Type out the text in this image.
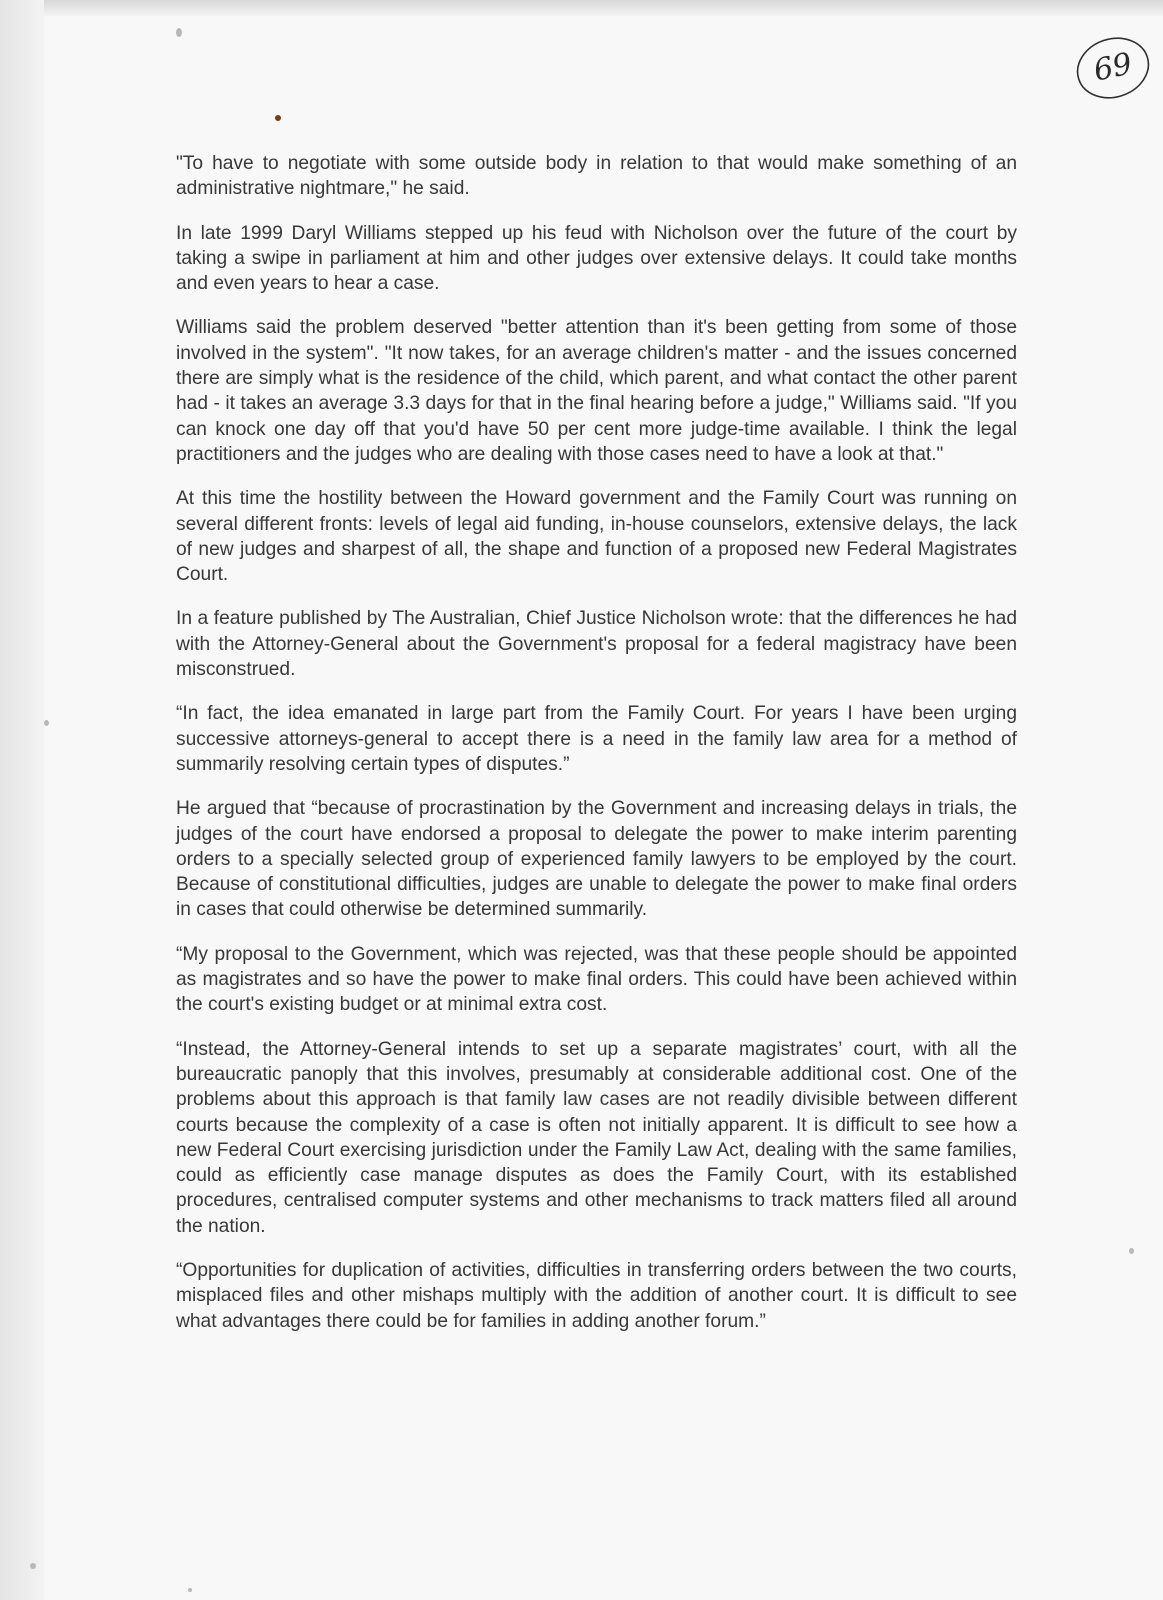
69

"To have to negotiate with some outside body in relation to that would make something of an administrative nightmare," he said.

In late 1999 Daryl Williams stepped up his feud with Nicholson over the future of the court by taking a swipe in parliament at him and other judges over extensive delays. It could take months and even years to hear a case.

Williams said the problem deserved "better attention than it's been getting from some of those involved in the system". "It now takes, for an average children's matter - and the issues concerned there are simply what is the residence of the child, which parent, and what contact the other parent had - it takes an average 3.3 days for that in the final hearing before a judge," Williams said. "If you can knock one day off that you'd have 50 per cent more judge-time available. I think the legal practitioners and the judges who are dealing with those cases need to have a look at that."

At this time the hostility between the Howard government and the Family Court was running on several different fronts: levels of legal aid funding, in-house counselors, extensive delays, the lack of new judges and sharpest of all, the shape and function of a proposed new Federal Magistrates Court.

In a feature published by The Australian, Chief Justice Nicholson wrote: that the differences he had with the Attorney-General about the Government's proposal for a federal magistracy have been misconstrued.

“In fact, the idea emanated in large part from the Family Court. For years I have been urging successive attorneys-general to accept there is a need in the family law area for a method of summarily resolving certain types of disputes.”

He argued that “because of procrastination by the Government and increasing delays in trials, the judges of the court have endorsed a proposal to delegate the power to make interim parenting orders to a specially selected group of experienced family lawyers to be employed by the court. Because of constitutional difficulties, judges are unable to delegate the power to make final orders in cases that could otherwise be determined summarily.

“My proposal to the Government, which was rejected, was that these people should be appointed as magistrates and so have the power to make final orders. This could have been achieved within the court's existing budget or at minimal extra cost.

“Instead, the Attorney-General intends to set up a separate magistrates’ court, with all the bureaucratic panoply that this involves, presumably at considerable additional cost. One of the problems about this approach is that family law cases are not readily divisible between different courts because the complexity of a case is often not initially apparent. It is difficult to see how a new Federal Court exercising jurisdiction under the Family Law Act, dealing with the same families, could as efficiently case manage disputes as does the Family Court, with its established procedures, centralised computer systems and other mechanisms to track matters filed all around the nation.

“Opportunities for duplication of activities, difficulties in transferring orders between the two courts, misplaced files and other mishaps multiply with the addition of another court. It is difficult to see what advantages there could be for families in adding another forum.”
